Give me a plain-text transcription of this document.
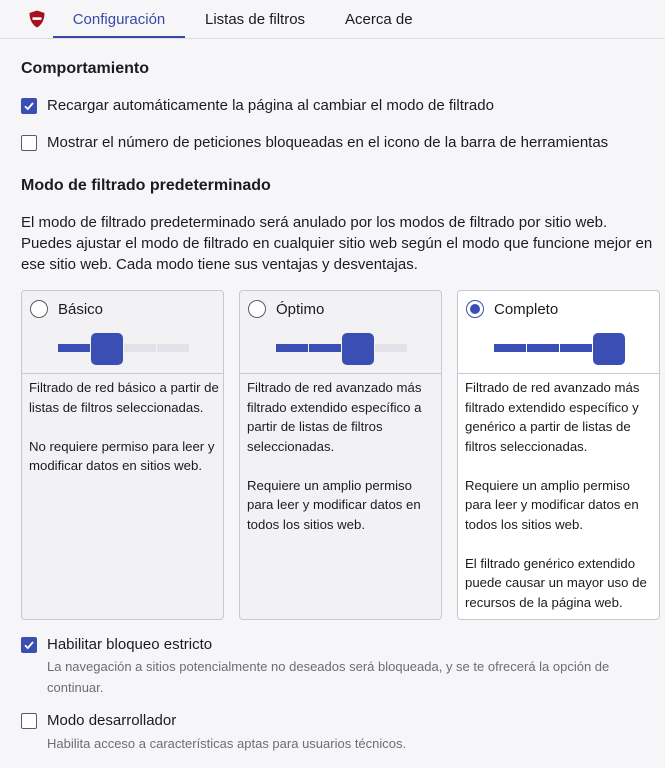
Configuración	Listas de filtros	Acerca de
Comportamiento
Recargar automáticamente la página al cambiar el modo de filtrado
Mostrar el número de peticiones bloqueadas en el icono de la barra de herramientas
Modo de filtrado predeterminado
El modo de filtrado predeterminado será anulado por los modos de filtrado por sitio web. Puedes ajustar el modo de filtrado en cualquier sitio web según el modo que funcione mejor en ese sitio web. Cada modo tiene sus ventajas y desventajas.
Básico

Filtrado de red básico a partir de listas de filtros seleccionadas.

No requiere permiso para leer y modificar datos en sitios web.

Óptimo

Filtrado de red avanzado más filtrado extendido específico a partir de listas de filtros seleccionadas.

Requiere un amplio permiso para leer y modificar datos en todos los sitios web.

Completo

Filtrado de red avanzado más filtrado extendido específico y genérico a partir de listas de filtros seleccionadas.

Requiere un amplio permiso para leer y modificar datos en todos los sitios web.

El filtrado genérico extendido puede causar un mayor uso de recursos de la página web.

Habilitar bloqueo estricto
La navegación a sitios potencialmente no deseados será bloqueada, y se te ofrecerá la opción de continuar.
Modo desarrollador
Habilita acceso a características aptas para usuarios técnicos.
